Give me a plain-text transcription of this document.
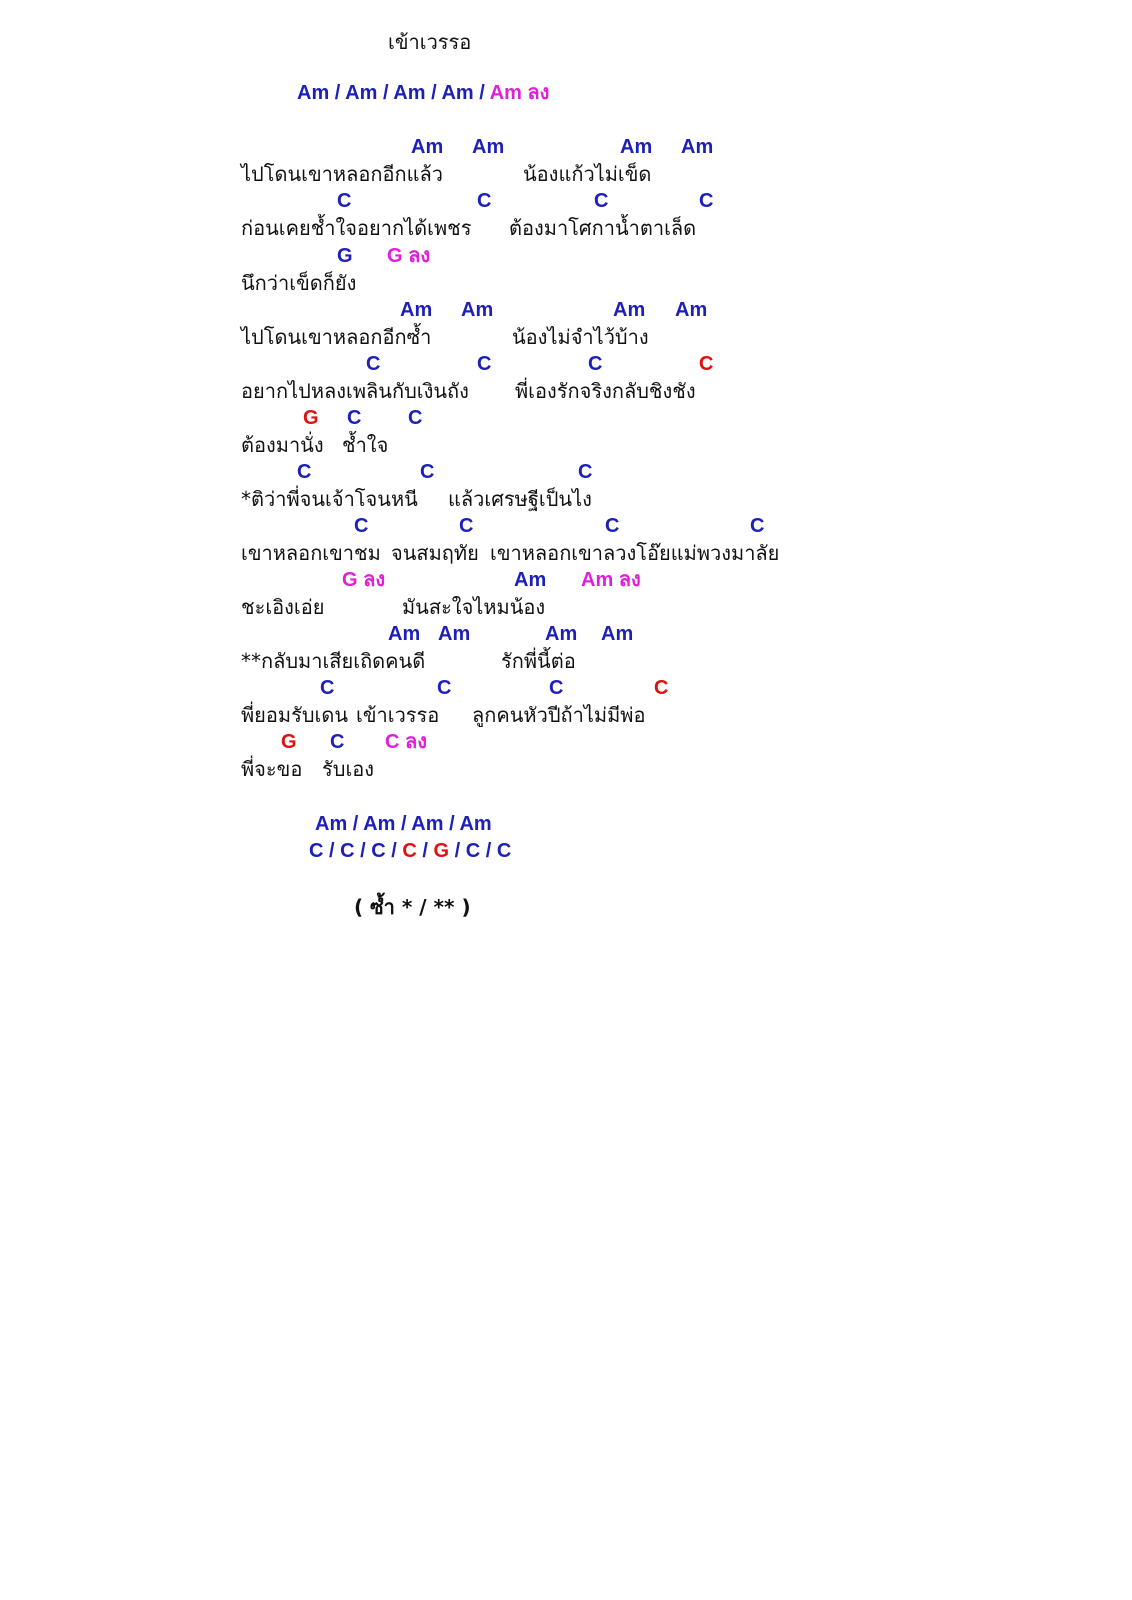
เข้าเวรรอ
Am / Am / Am / Am / Am ลง
Am Am	Am Am
ไปโดนเขาหลอกอีกแล้ว	น้องแก้วไม่เข็ด
C	C	C	C
ก่อนเคยช้ำใจอยากได้เพชร ต้องมาโศกาน้ำตาเล็ด
G G ลง
นึกว่าเข็ดก็ยัง
Am Am	Am Am
ไปโดนเขาหลอกอีกซ้ำ	น้องไม่จำไว้บ้าง
C	C	C	C
อยากไปหลงเพลินกับเงินถัง พี่เองรักจริงกลับชิงชัง
G C C
ต้องมานั่ง ช้ำใจ
C	C	C
*ติว่าพี่จนเจ้าโจนหนี แล้วเศรษฐีเป็นไง
C	C	C	C
เขาหลอกเขาชม จนสมฤทัย เขาหลอกเขาลวงโอ๊ยแม่พวงมาลัย
G ลง	Am Am ลง
ชะเอิงเอ่ย	มันสะใจไหมน้อง
Am Am	Am Am
**กลับมาเสียเถิดคนดี	รักพี่นี้ต่อ
C	C	C	C
พี่ยอมรับเดน เข้าเวรรอ ลูกคนหัวปีถ้าไม่มีพ่อ
G C C ลง
พี่จะขอ รับเอง
Am / Am / Am / Am
C / C / C / C / G / C / C
( ซ้ำ * / ** )
